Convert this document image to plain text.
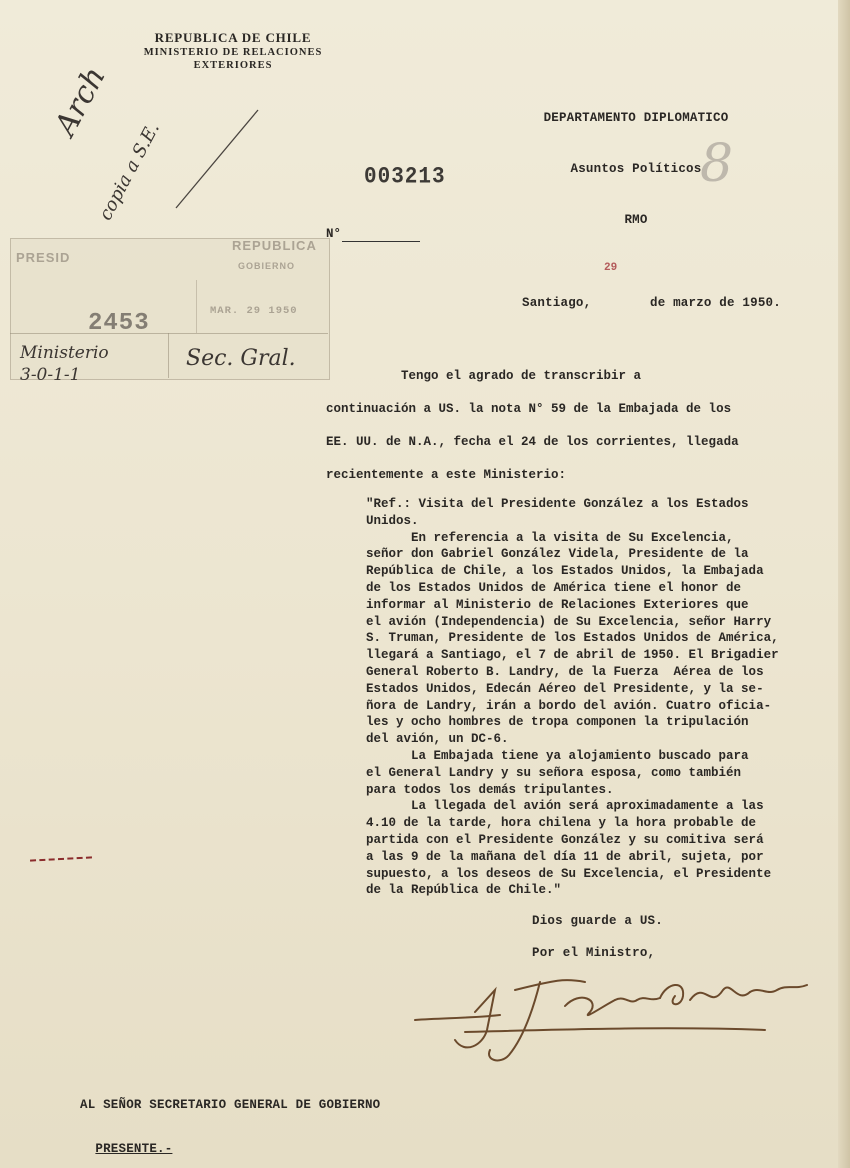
REPUBLICA DE CHILE
MINISTERIO DE RELACIONES
EXTERIORES

DEPARTAMENTO DIPLOMATICO

Asuntos Políticos

RMO

Arch
copia a S.E.	8
003213
N°
PRESID
REPUBLICA
GOBIERNO
MAR. 29 1950
2453
Ministerio
3-0-1-1
Sec. Gral.
29

Santiago,

	de marzo de 1950.

Tengo el agrado de transcribir a
continuación a US. la nota N° 59 de la Embajada de los
EE. UU. de N.A., fecha el 24 de los corrientes, llegada
recientemente a este Ministerio:
"Ref.: Visita del Presidente González a los Estados
Unidos.
En referencia a la visita de Su Excelencia,
señor don Gabriel González Videla, Presidente de la
República de Chile, a los Estados Unidos, la Embajada
de los Estados Unidos de América tiene el honor de
informar al Ministerio de Relaciones Exteriores que
el avión (Independencia) de Su Excelencia, señor Harry
S. Truman, Presidente de los Estados Unidos de América,
llegará a Santiago, el 7 de abril de 1950. El Brigadier
General Roberto B. Landry, de la Fuerza  Aérea de los
Estados Unidos, Edecán Aéreo del Presidente, y la se-
ñora de Landry, irán a bordo del avión. Cuatro oficia-
les y ocho hombres de tropa componen la tripulación
del avión, un DC-6.
La Embajada tiene ya alojamiento buscado para
el General Landry y su señora esposa, como también
para todos los demás tripulantes.
La llegada del avión será aproximadamente a las
4.10 de la tarde, hora chilena y la hora probable de
partida con el Presidente González y su comitiva será
a las 9 de la mañana del día 11 de abril, sujeta, por
supuesto, a los deseos de Su Excelencia, el Presidente
de la República de Chile."
Dios guarde a US.
Por el Ministro,
AL SEÑOR SECRETARIO GENERAL DE GOBIERNO

PRESENTE.-
